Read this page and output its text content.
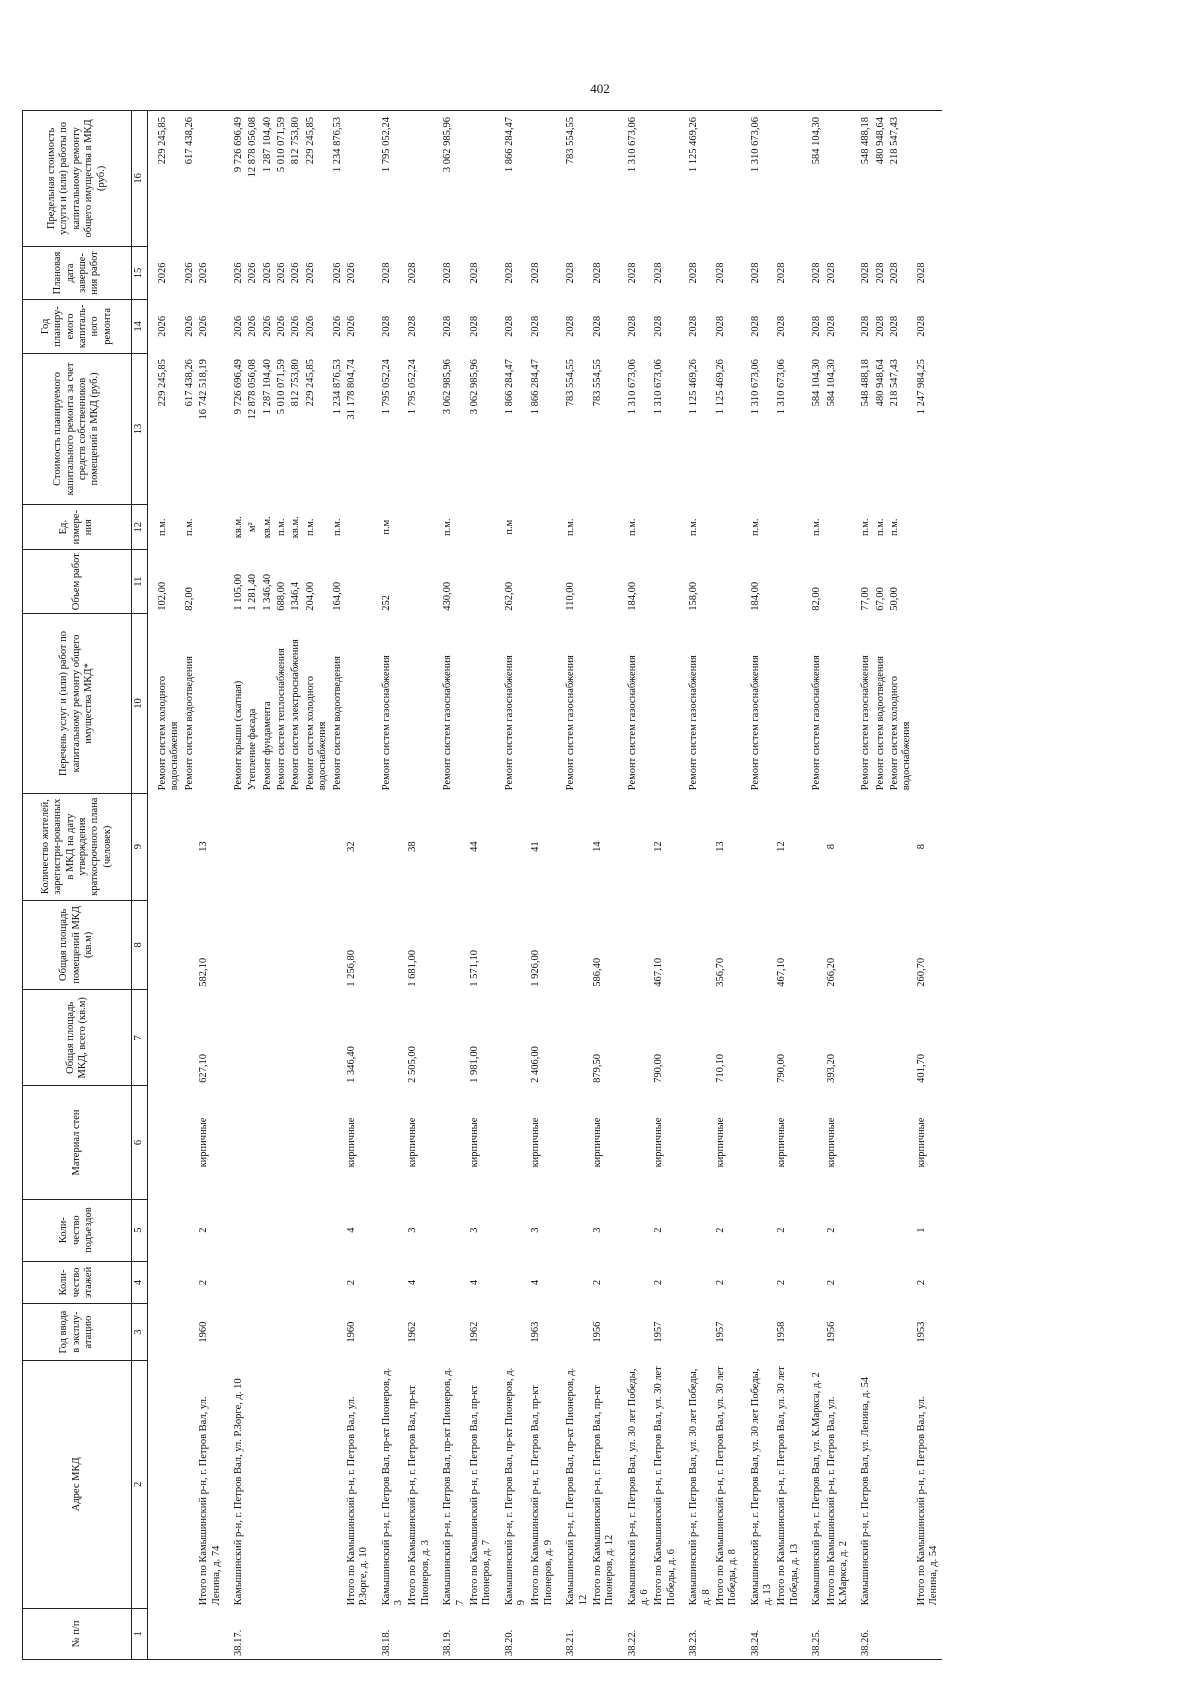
402
№ п/п	Адрес МКД	Год ввода в эксплу-атацию	Коли-чество этажей	Коли-чество подъездов	Материал стен	Общая площадь МКД, всего (кв.м)	Общая площадь помещений МКД (кв.м)	Количество жителей, зарегистри-рованных в МКД на дату утверждения краткосрочного плана (человек)	Перечень услуг и (или) работ по капитальному ремонту общего имущества МКД*	Объем работ	Ед. измере-ния	Стоимость планируемого капитального ремонта за счет средств собственников помещений в МКД (руб.)	Год планиру-емого капиталь-ного ремонта	Плановая дата заверше-ния работ	Предельная стоимость услуги и (или) работы по капитальному ремонту общего имущества в МКД (руб.)
1	2	3	4	5	6	7	8	9	10	11	12	13	14	15	16
									Ремонт систем холодного водоснабжения	102,00	п.м.	229 245,85	2026	2026	229 245,85
									Ремонт систем водоотведения	82,00	п.м.	617 438,26	2026	2026	617 438,26
	Итого по Камышинский р-н, г. Петров Вал, ул. Ленина, д. 74	1960	2	2	кирпичные	627,10	582,10	13				16 742 518,19	2026	2026	
38.17.	Камышинский р-н, г. Петров Вал, ул. Р.Зорге, д. 10								Ремонт крыши (скатная)	1 105,00	кв.м.	9 726 696,49	2026	2026	9 726 696,49
									Утепление фасада	1 281,40	м²	12 878 056,08	2026	2026	12 878 056,08
									Ремонт фундамента	1 346,40	кв.м.	1 287 104,40	2026	2026	1 287 104,40
									Ремонт систем теплоснабжения	688,00	п.м.	5 010 071,59	2026	2026	5 010 071,59
									Ремонт систем электроснабжения	1346,4	кв.м.	812 753,80	2026	2026	812 753,80
									Ремонт систем холодного водоснабжения	204,00	п.м.	229 245,85	2026	2026	229 245,85
									Ремонт систем водоотведения	164,00	п.м.	1 234 876,53	2026	2026	1 234 876,53
	Итого по Камышинский р-н, г. Петров Вал, ул. Р.Зорге, д. 10	1960	2	4	кирпичные	1 346,40	1 256,80	32				31 178 804,74	2026	2026	
38.18.	Камышинский р-н, г. Петров Вал, пр-кт Пионеров, д. 3								Ремонт систем газоснабжения	252	п.м	1 795 052,24	2028	2028	1 795 052,24
	Итого по Камышинский р-н, г. Петров Вал, пр-кт Пионеров, д. 3	1962	4	3	кирпичные	2 505,00	1 681,00	38				1 795 052,24	2028	2028	
38.19.	Камышинский р-н, г. Петров Вал, пр-кт Пионеров, д. 7								Ремонт систем газоснабжения	430,00	п.м.	3 062 985,96	2028	2028	3 062 985,96
	Итого по Камышинский р-н, г. Петров Вал, пр-кт Пионеров, д. 7	1962	4	3	кирпичные	1 981,00	1 571,10	44				3 062 985,96	2028	2028	
38.20.	Камышинский р-н, г. Петров Вал, пр-кт Пионеров, д. 9								Ремонт систем газоснабжения	262,00	п.м	1 866 284,47	2028	2028	1 866 284,47
	Итого по Камышинский р-н, г. Петров Вал, пр-кт Пионеров, д. 9	1963	4	3	кирпичные	2 406,00	1 926,00	41				1 866 284,47	2028	2028	
38.21.	Камышинский р-н, г. Петров Вал, пр-кт Пионеров, д. 12								Ремонт систем газоснабжения	110,00	п.м.	783 554,55	2028	2028	783 554,55
	Итого по Камышинский р-н, г. Петров Вал, пр-кт Пионеров, д. 12	1956	2	3	кирпичные	879,50	586,40	14				783 554,55	2028	2028	
38.22.	Камышинский р-н, г. Петров Вал, ул. 30 лет Победы, д. 6								Ремонт систем газоснабжения	184,00	п.м.	1 310 673,06	2028	2028	1 310 673,06
	Итого по Камышинский р-н, г. Петров Вал, ул. 30 лет Победы, д. 6	1957	2	2	кирпичные	790,00	467,10	12				1 310 673,06	2028	2028	
38.23.	Камышинский р-н, г. Петров Вал, ул. 30 лет Победы, д. 8								Ремонт систем газоснабжения	158,00	п.м.	1 125 469,26	2028	2028	1 125 469,26
	Итого по Камышинский р-н, г. Петров Вал, ул. 30 лет Победы, д. 8	1957	2	2	кирпичные	710,10	356,70	13				1 125 469,26	2028	2028	
38.24.	Камышинский р-н, г. Петров Вал, ул. 30 лет Победы, д. 13								Ремонт систем газоснабжения	184,00	п.м.	1 310 673,06	2028	2028	1 310 673,06
	Итого по Камышинский р-н, г. Петров Вал, ул. 30 лет Победы, д. 13	1958	2	2	кирпичные	790,00	467,10	12				1 310 673,06	2028	2028	
38.25.	Камышинский р-н, г. Петров Вал, ул. К.Маркса, д. 2								Ремонт систем газоснабжения	82,00	п.м.	584 104,30	2028	2028	584 104,30
	Итого по Камышинский р-н, г. Петров Вал, ул. К.Маркса, д. 2	1956	2	2	кирпичные	393,20	266,20	8				584 104,30	2028	2028	
38.26.	Камышинский р-н, г. Петров Вал, ул. Ленина, д. 54								Ремонт систем газоснабжения	77,00	п.м.	548 488,18	2028	2028	548 488,18
									Ремонт систем водоотведения	67,00	п.м.	480 948,64	2028	2028	480 948,64
									Ремонт систем холодного водоснабжения	50,00	п.м.	218 547,43	2028	2028	218 547,43
	Итого по Камышинский р-н, г. Петров Вал, ул. Ленина, д. 54	1953	2	1	кирпичные	401,70	260,70	8				1 247 984,25	2028	2028	
